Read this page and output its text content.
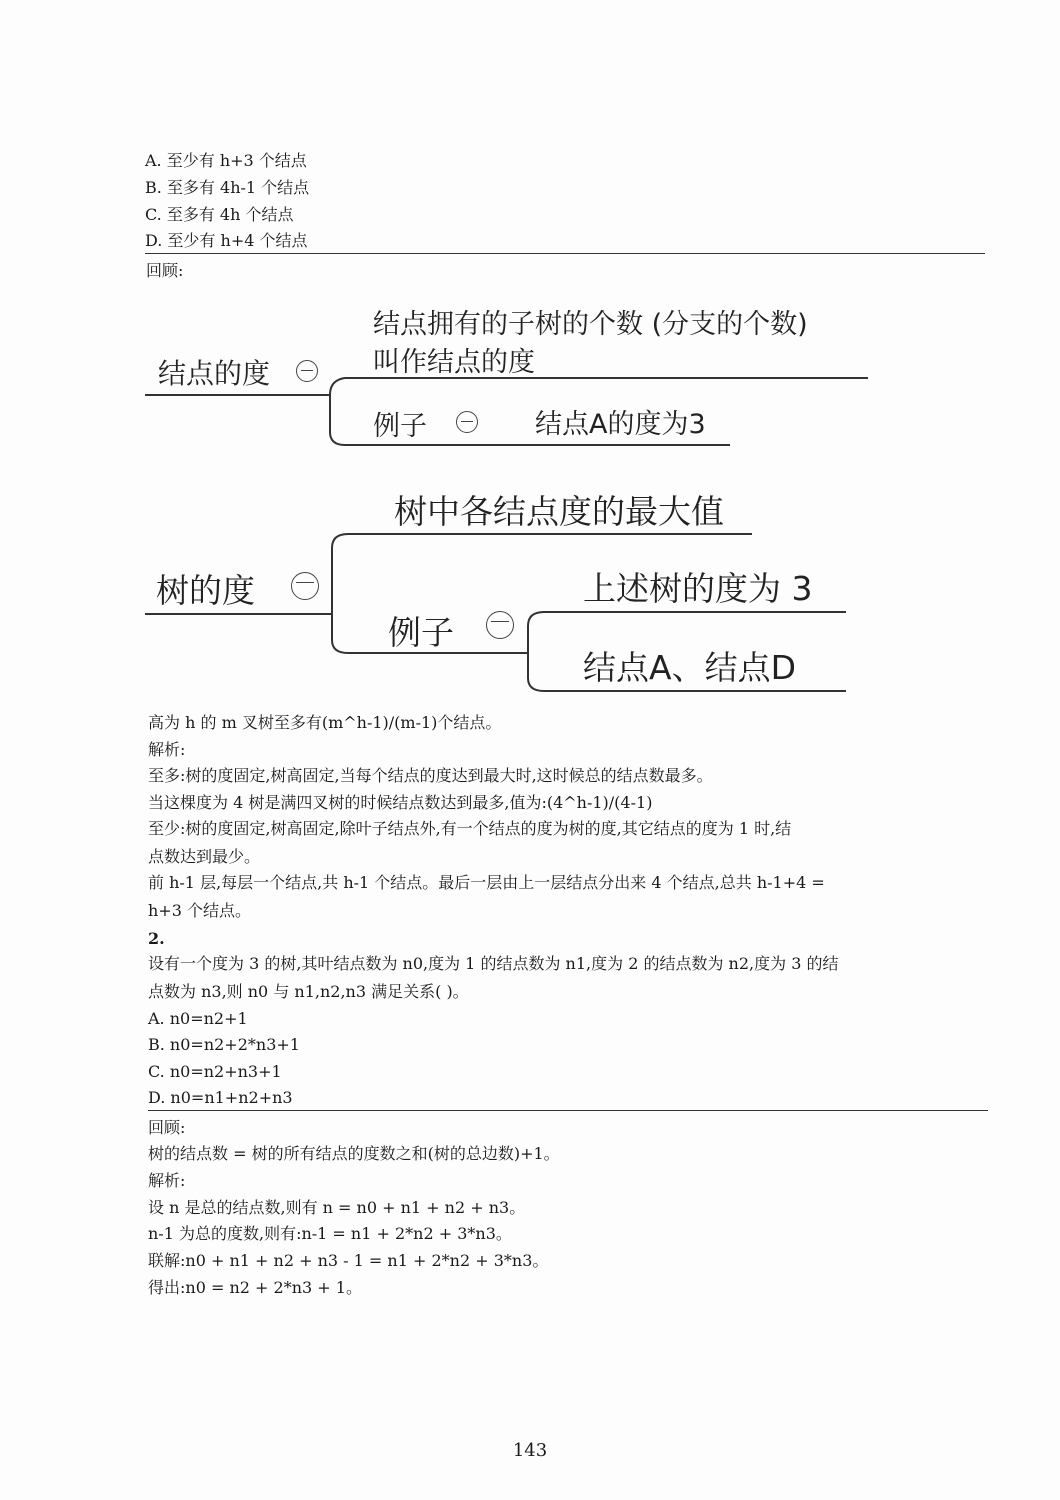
A. 至少有 h+3 个结点
B. 至多有 4h-1 个结点
C. 至多有 4h 个结点
D. 至少有 h+4 个结点
回顾:
结点的度
结点拥有的子树的个数 (分支的个数)
叫作结点的度
例子	结点A的度为3
树中各结点度的最大值
树的度	上述树的度为 3
例子
结点A、结点D
高为 h 的 m 叉树至多有(m^h-1)/(m-1)个结点。
解析:
至多:树的度固定,树高固定,当每个结点的度达到最大时,这时候总的结点数最多。
当这棵度为 4 树是满四叉树的时候结点数达到最多,值为:(4^h-1)/(4-1)
至少:树的度固定,树高固定,除叶子结点外,有一个结点的度为树的度,其它结点的度为 1 时,结
点数达到最少。
前 h-1 层,每层一个结点,共 h-1 个结点。最后一层由上一层结点分出来 4 个结点,总共 h-1+4 =
h+3 个结点。
2.
设有一个度为 3 的树,其叶结点数为 n0,度为 1 的结点数为 n1,度为 2 的结点数为 n2,度为 3 的结
点数为 n3,则 n0 与 n1,n2,n3 满足关系( )。
A. n0=n2+1
B. n0=n2+2*n3+1
C. n0=n2+n3+1
D. n0=n1+n2+n3
回顾:
树的结点数 = 树的所有结点的度数之和(树的总边数)+1。
解析:
设 n 是总的结点数,则有 n = n0 + n1 + n2 + n3。
n-1 为总的度数,则有:n-1 = n1 + 2*n2 + 3*n3。
联解:n0 + n1 + n2 + n3 - 1 = n1 + 2*n2 + 3*n3。
得出:n0 = n2 + 2*n3 + 1。
143
